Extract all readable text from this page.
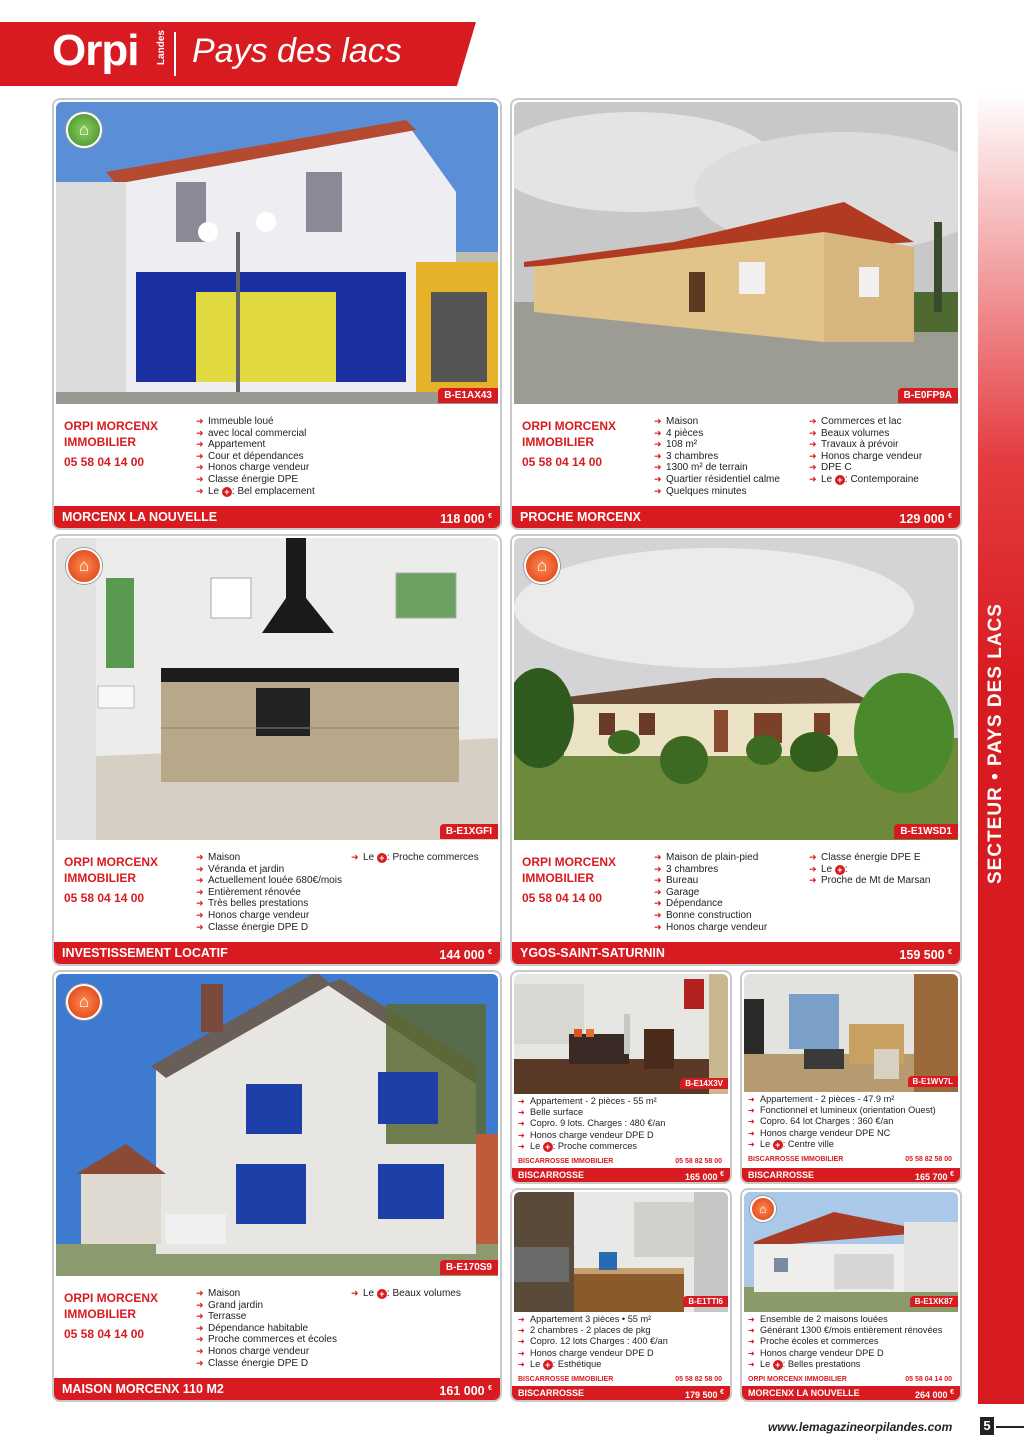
Orpi Landes Pays des lacs
SECTEUR • PAYS DES LACS
⌂
B-E1AX43
ORPI MORCENX IMMOBILIER
05 58 04 14 00
➜ Immeuble loué
➜ avec local commercial
➜ Appartement
➜ Cour et dépendances
➜ Honos charge vendeur
➜ Classe énergie DPE
➜ Le + : Bel emplacement
MORCENX LA NOUVELLE	118 000 €
B-E0FP9A
ORPI MORCENX IMMOBILIER
05 58 04 14 00
➜ Maison
➜ 4 pièces
➜ 108 m²
➜ 3 chambres
➜ 1300 m² de terrain
➜ Quartier résidentiel calme
➜ Quelques minutes
➜ Commerces et lac
➜ Beaux volumes
➜ Travaux à prévoir
➜ Honos charge vendeur
➜ DPE C
➜ Le + : Contemporaine
PROCHE MORCENX	129 000 €
⌂
B-E1XGFI
ORPI MORCENX IMMOBILIER
05 58 04 14 00
➜ Maison
➜ Véranda et jardin
➜ Actuellement louée 680€/mois
➜ Entièrement rénovée
➜ Très belles prestations
➜ Honos charge vendeur
➜ Classe énergie DPE D
➜ Le + : Proche commerces
INVESTISSEMENT LOCATIF	144 000 €
⌂
B-E1WSD1
ORPI MORCENX IMMOBILIER
05 58 04 14 00
➜ Maison de plain-pied
➜ 3 chambres
➜ Bureau
➜ Garage
➜ Dépendance
➜ Bonne construction
➜ Honos charge vendeur
➜ Classe énergie DPE E
➜ Le + :
➜ Proche de Mt de Marsan
YGOS-SAINT-SATURNIN	159 500 €
⌂
B-E170S9
ORPI MORCENX IMMOBILIER
05 58 04 14 00
➜ Maison
➜ Grand jardin
➜ Terrasse
➜ Dépendance habitable
➜ Proche commerces et écoles
➜ Honos charge vendeur
➜ Classe énergie DPE D
➜ Le + : Beaux volumes
MAISON MORCENX 110 M2	161 000 €
B-E14X3V
➜ Appartement - 2 pièces - 55 m²
➜ Belle surface
➜ Copro. 9 lots. Charges : 480 €/an
➜ Honos charge vendeur DPE D
➜ Le + : Proche commerces
BISCARROSSE IMMOBILIER	05 58 82 58 00
BISCARROSSE	165 000 €
B-E1WV7L
➜ Appartement - 2 pièces - 47.9 m²
➜ Fonctionnel et lumineux (orientation Ouest)
➜ Copro. 64 lot Charges : 360 €/an
➜ Honos charge vendeur DPE NC
➜ Le + : Centre ville
BISCARROSSE IMMOBILIER	05 58 82 58 00
BISCARROSSE	165 700 €
B-E1TTI6
➜ Appartement 3 pièces • 55 m²
➜ 2 chambres - 2 places de pkg
➜ Copro. 12 lots Charges : 400 €/an
➜ Honos charge vendeur DPE D
➜ Le + : Esthétique
BISCARROSSE IMMOBILIER	05 58 82 58 00
BISCARROSSE	179 500 €
⌂
B-E1XK87
➜ Ensemble de 2 maisons louées
➜ Générant 1300 €/mois entièrement rénovées
➜ Proche écoles et commerces
➜ Honos charge vendeur DPE D
➜ Le + : Belles prestations
ORPI MORCENX IMMOBILIER	05 58 04 14 00
MORCENX LA NOUVELLE	264 000 €
www.lemagazineorpilandes.com 5
